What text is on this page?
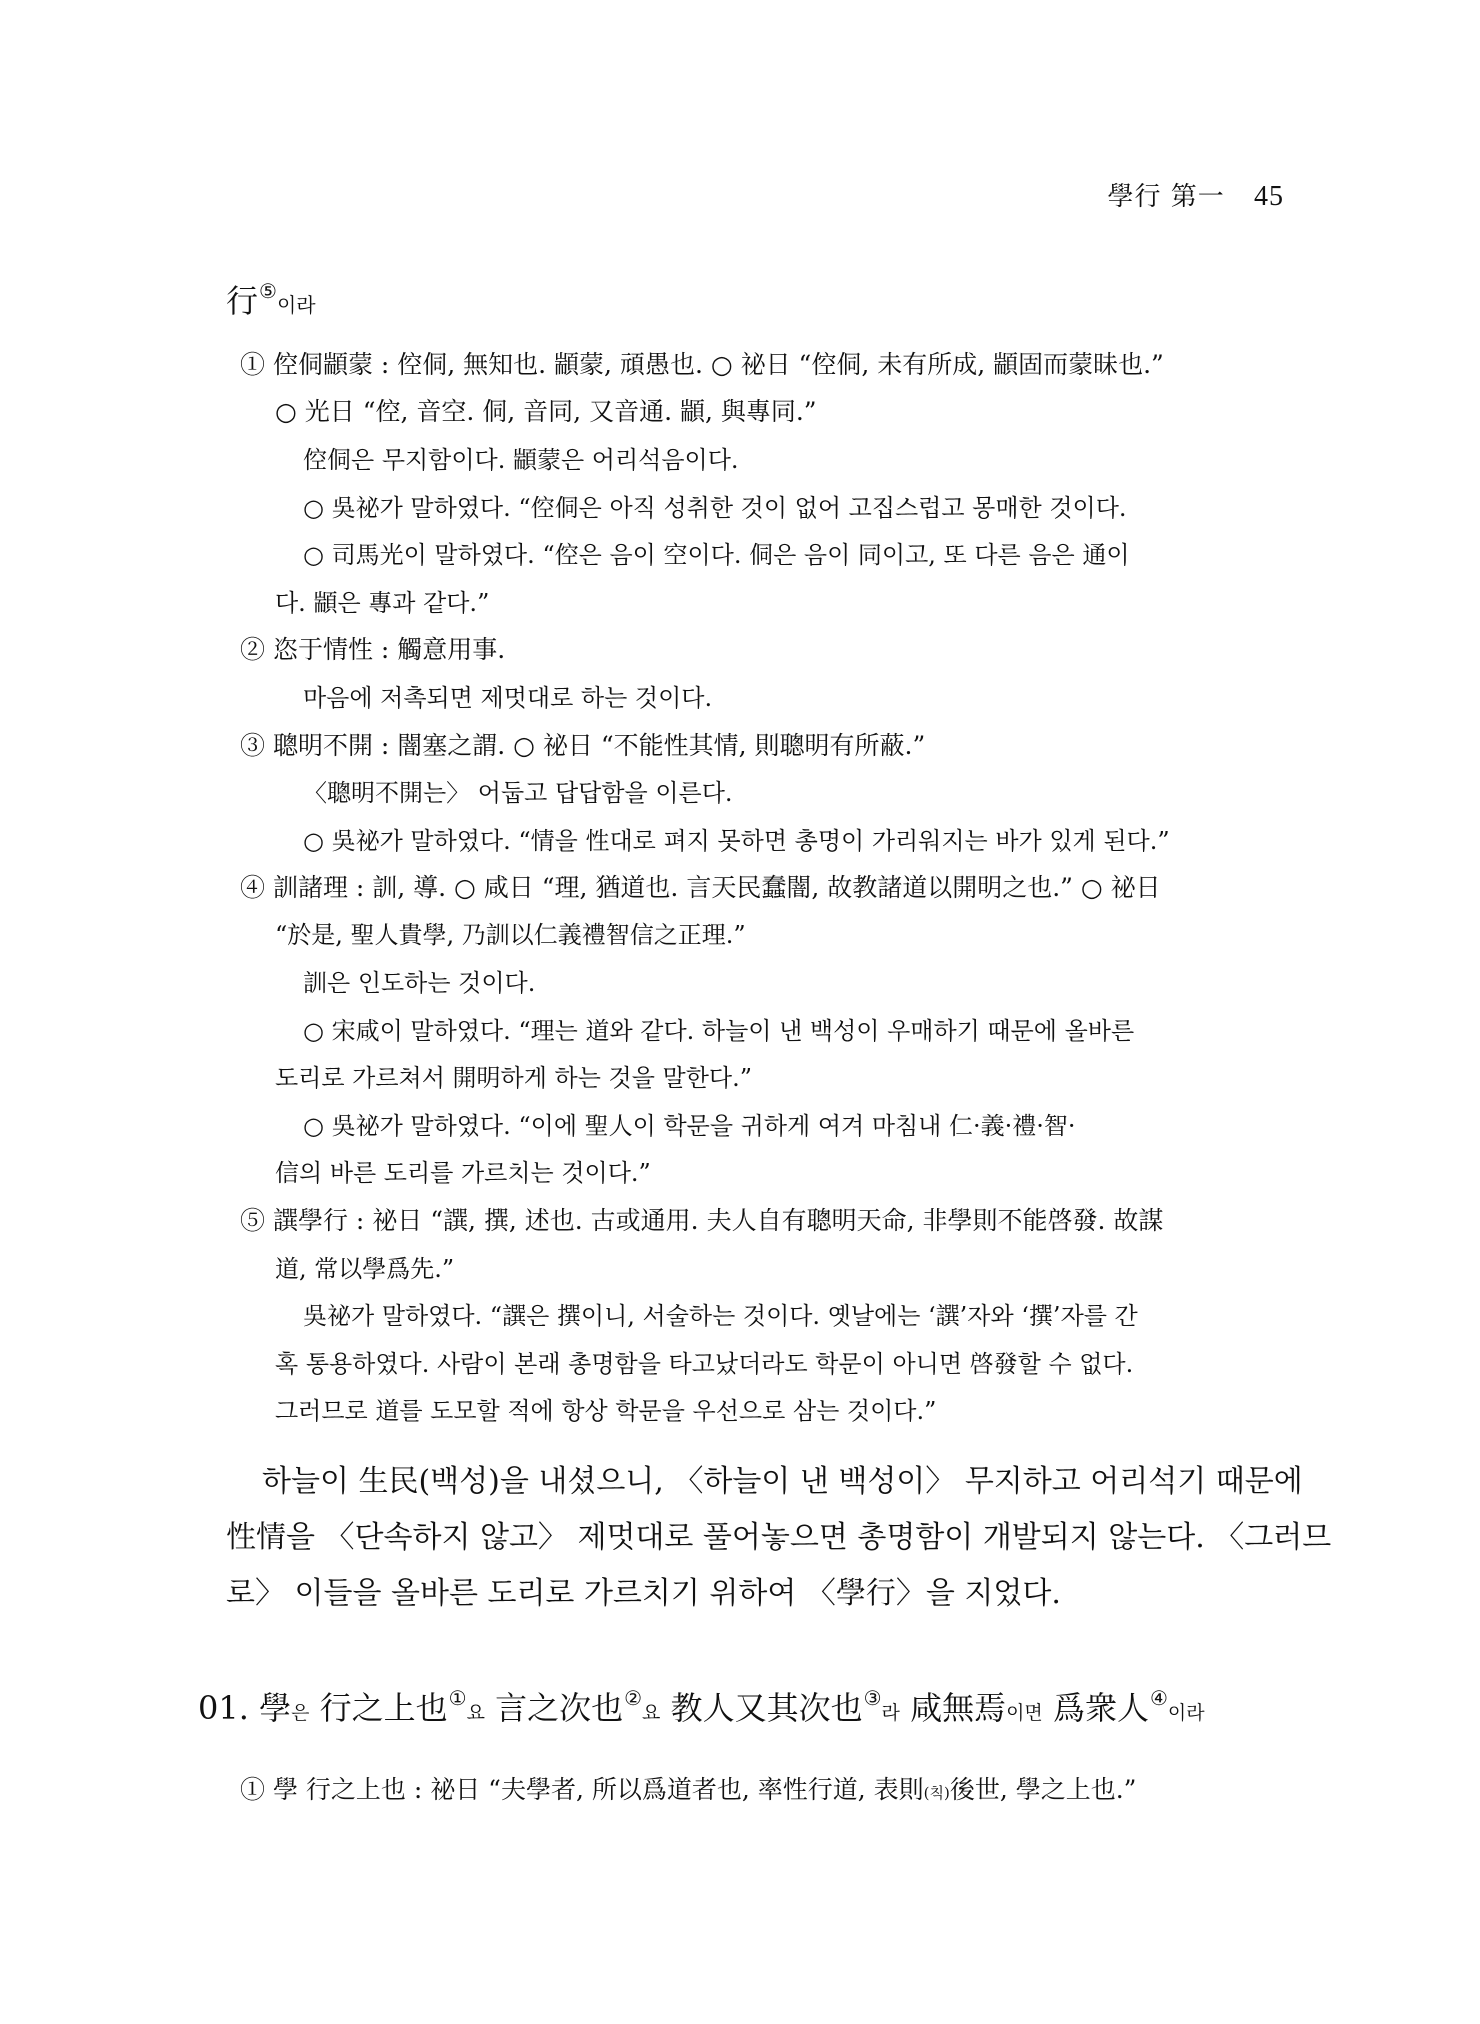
學行 第一 45
行⑤이라
① 倥侗顓蒙 : 倥侗, 無知也. 顓蒙, 頑愚也. ○ 祕日 “倥侗, 未有所成, 顓固而蒙昧也.”
○ 光日 “倥, 音空. 侗, 音同, 又音通. 顓, 與專同.”
倥侗은 무지함이다. 顓蒙은 어리석음이다.
○ 吳祕가 말하였다. “倥侗은 아직 성취한 것이 없어 고집스럽고 몽매한 것이다.
○ 司馬光이 말하였다. “倥은 음이 空이다. 侗은 음이 同이고, 또 다른 음은 通이
다. 顓은 專과 같다.”
② 恣于情性 : 觸意用事.
마음에 저촉되면 제멋대로 하는 것이다.
③ 聰明不開 : 闇塞之謂. ○ 祕日 “不能性其情, 則聰明有所蔽.”
〈聰明不開는〉 어둡고 답답함을 이른다.
○ 吳祕가 말하였다. “情을 性대로 펴지 못하면 총명이 가리워지는 바가 있게 된다.”
④ 訓諸理 : 訓, 導. ○ 咸日 “理, 猶道也. 言天民蠢闇, 故教諸道以開明之也.” ○ 祕日
“於是, 聖人貴學, 乃訓以仁義禮智信之正理.”
訓은 인도하는 것이다.
○ 宋咸이 말하였다. “理는 道와 같다. 하늘이 낸 백성이 우매하기 때문에 올바른
도리로 가르쳐서 開明하게 하는 것을 말한다.”
○ 吳祕가 말하였다. “이에 聖人이 학문을 귀하게 여겨 마침내 仁·義·禮·智·
信의 바른 도리를 가르치는 것이다.”
⑤ 譔學行 : 祕日 “譔, 撰, 述也. 古或通用. 夫人自有聰明天命, 非學則不能啓發. 故謀
道, 常以學爲先.”
吳祕가 말하였다. “譔은 撰이니, 서술하는 것이다. 옛날에는 ‘譔’자와 ‘撰’자를 간
혹 통용하였다. 사람이 본래 총명함을 타고났더라도 학문이 아니면 啓發할 수 없다.
그러므로 道를 도모할 적에 항상 학문을 우선으로 삼는 것이다.”
하늘이 生民(백성)을 내셨으니, 〈하늘이 낸 백성이〉 무지하고 어리석기 때문에
性情을 〈단속하지 않고〉 제멋대로 풀어놓으면 총명함이 개발되지 않는다. 〈그러므
로〉 이들을 올바른 도리로 가르치기 위하여 〈學行〉을 지었다.
01. 學은 行之上也①요 言之次也②요 教人又其次也③라 咸無焉이면 爲衆人④이라
① 學 行之上也 : 祕日 “夫學者, 所以爲道者也, 率性行道, 表則(칙)後世, 學之上也.”
